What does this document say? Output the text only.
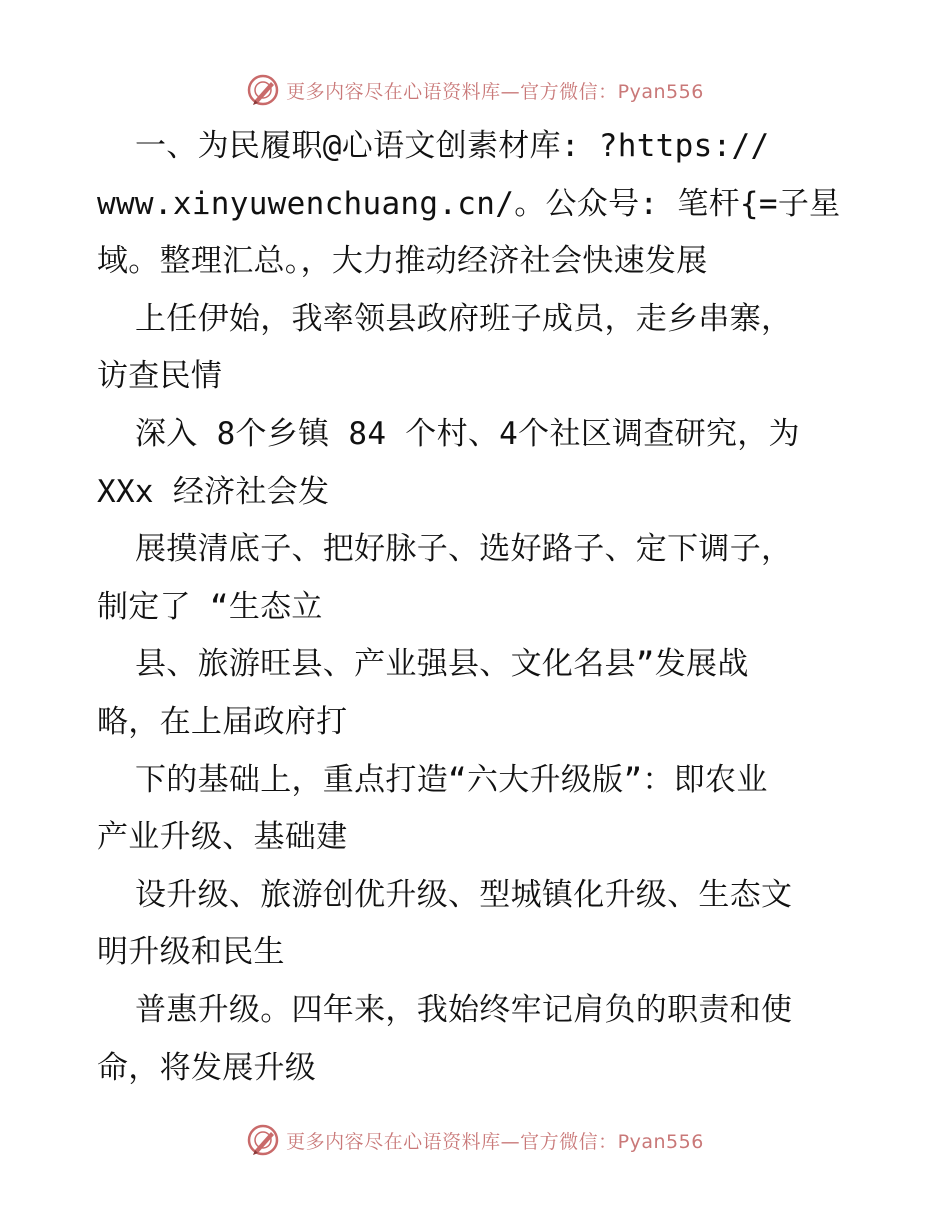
更多内容尽在心语资料库—官方微信：Pyan556
一、为民履职@心语文创素材库: ?https://
www.xinyuwenchuang.cn/。公众号: 笔杆{=子星
域。整理汇总。，大力推动经济社会快速发展
上任伊始，我率领县政府班子成员，走乡串寨，
访查民情
深入 8个乡镇 84 个村、4个社区调查研究，为
XXx 经济社会发
展摸清底子、把好脉子、选好路子、定下调子，
制定了 “生态立
县、旅游旺县、产业强县、文化名县”发展战
略，在上届政府打
下的基础上，重点打造“六大升级版”：即农业
产业升级、基础建
设升级、旅游创优升级、型城镇化升级、生态文
明升级和民生
普惠升级。四年来，我始终牢记肩负的职责和使
命，将发展升级
更多内容尽在心语资料库—官方微信：Pyan556
